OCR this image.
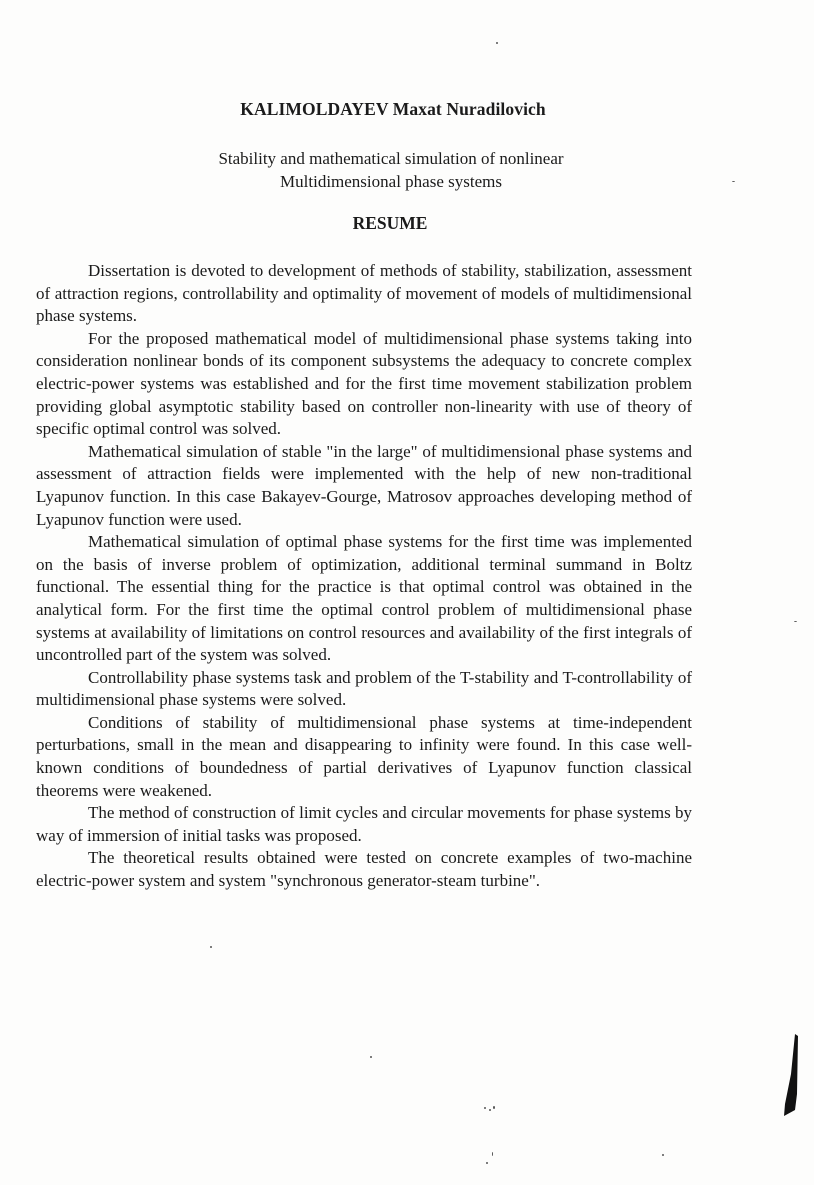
KALIMOLDAYEV Maxat Nuradilovich
Stability and mathematical simulation of nonlinear
Multidimensional phase systems
RESUME

Dissertation is devoted to development of methods of stability, stabilization, assessment of attraction regions, controllability and optimality of movement of models of multidimensional phase systems.

For the proposed mathematical model of multidimensional phase systems taking into consideration nonlinear bonds of its component subsystems the adequacy to concrete complex electric-power systems was established and for the first time movement stabilization problem providing global asymptotic stability based on controller non-linearity with use of theory of specific optimal control was solved.

Mathematical simulation of stable "in the large" of multidimensional phase systems and assessment of attraction fields were implemented with the help of new non-traditional Lyapunov function. In this case Bakayev-Gourge, Matrosov approaches developing method of Lyapunov function were used.

Mathematical simulation of optimal phase systems for the first time was implemented on the basis of inverse problem of optimization, additional terminal summand in Boltz functional. The essential thing for the practice is that optimal control was obtained in the analytical form. For the first time the optimal control problem of multidimensional phase systems at availability of limitations on control resources and availability of the first integrals of uncontrolled part of the system was solved.

Controllability phase systems task and problem of the T-stability and T-controllability of multidimensional phase systems were solved.

Conditions of stability of multidimensional phase systems at time-independent perturbations, small in the mean and disappearing to infinity were found. In this case well-known conditions of boundedness of partial derivatives of Lyapunov function classical theorems were weakened.

The method of construction of limit cycles and circular movements for phase systems by way of immersion of initial tasks was proposed.

The theoretical results obtained were tested on concrete examples of two-machine electric-power system and system "synchronous generator-steam turbine".
